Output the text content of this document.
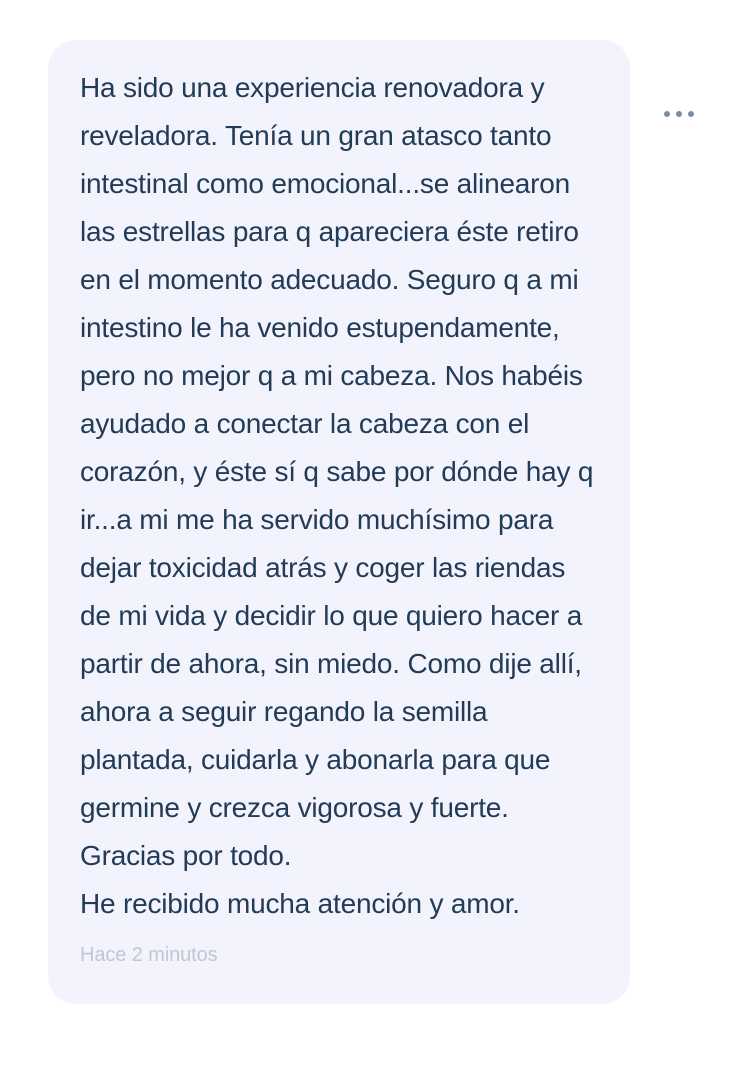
Ha sido una experiencia renovadora y
reveladora. Tenía un gran atasco tanto
intestinal como emocional...se alinearon
las estrellas para q apareciera éste retiro
en el momento adecuado. Seguro q a mi
intestino le ha venido estupendamente,
pero no mejor q a mi cabeza. Nos habéis
ayudado a conectar la cabeza con el
corazón, y éste sí q sabe por dónde hay q
ir...a mi me ha servido muchísimo para
dejar toxicidad atrás y coger las riendas
de mi vida y decidir lo que quiero hacer a
partir de ahora, sin miedo. Como dije allí,
ahora a seguir regando la semilla
plantada, cuidarla y abonarla para que
germine y crezca vigorosa y fuerte.
Gracias por todo.
He recibido mucha atención y amor.

Hace 2 minutos
